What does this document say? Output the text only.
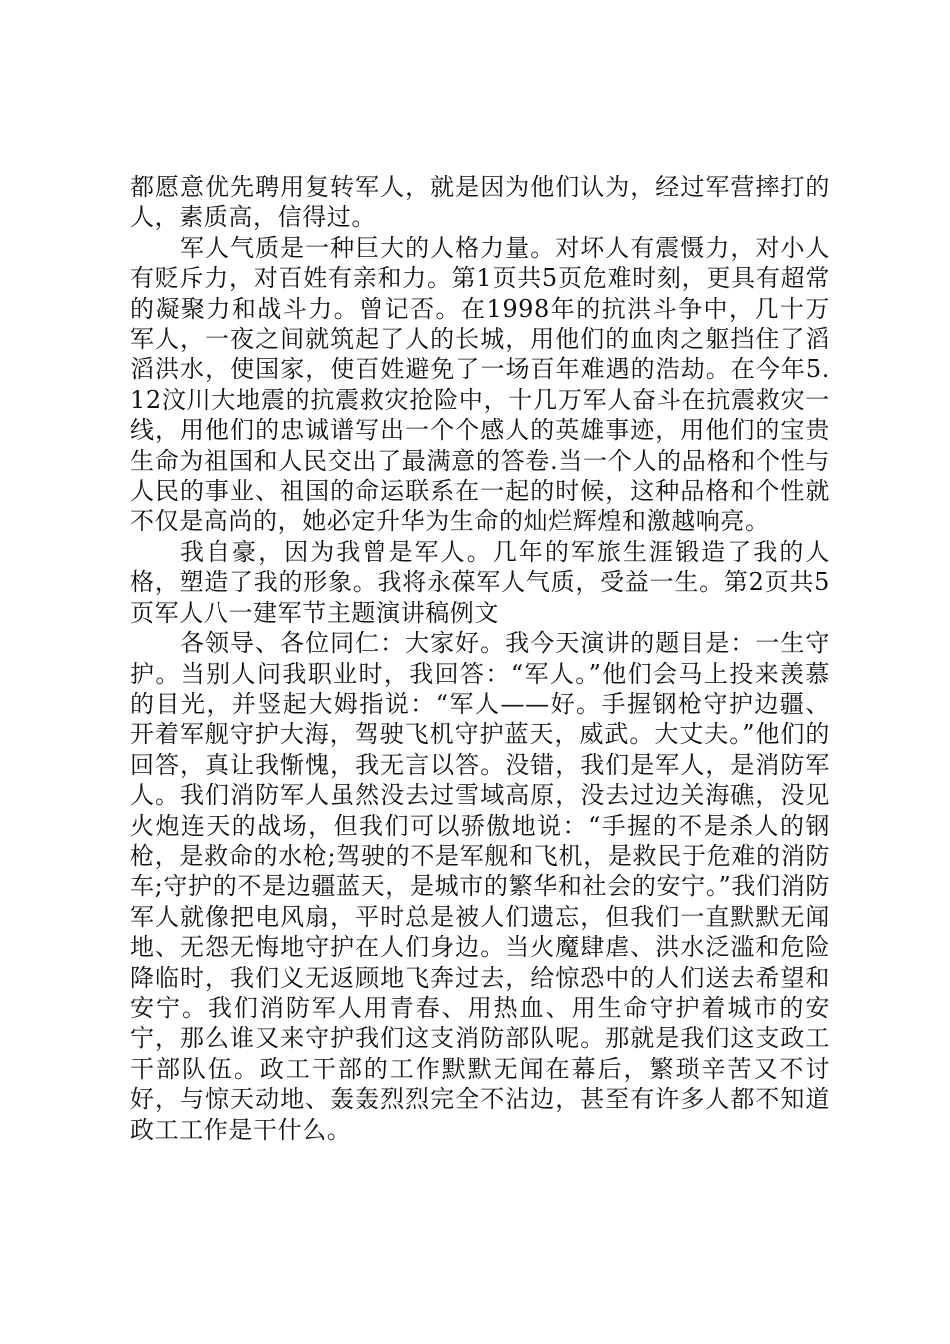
都愿意优先聘用复转军人，就是因为他们认为，经过军营摔打的人，素质高，信得过。

军人气质是一种巨大的人格力量。对坏人有震慑力，对小人有贬斥力，对百姓有亲和力。第1页共5页危难时刻，更具有超常的凝聚力和战斗力。曾记否。在1998年的抗洪斗争中，几十万军人，一夜之间就筑起了人的长城，用他们的血肉之躯挡住了滔滔洪水，使国家，使百姓避免了一场百年难遇的浩劫。在今年5.12汶川大地震的抗震救灾抢险中，十几万军人奋斗在抗震救灾一线，用他们的忠诚谱写出一个个感人的英雄事迹，用他们的宝贵生命为祖国和人民交出了最满意的答卷.当一个人的品格和个性与人民的事业、祖国的命运联系在一起的时候，这种品格和个性就不仅是高尚的，她必定升华为生命的灿烂辉煌和激越响亮。

我自豪，因为我曾是军人。几年的军旅生涯锻造了我的人格，塑造了我的形象。我将永葆军人气质，受益一生。第2页共5页军人八一建军节主题演讲稿例文

各领导、各位同仁：大家好。我今天演讲的题目是：一生守护。当别人问我职业时，我回答：“军人。”他们会马上投来羡慕的目光，并竖起大姆指说：“军人——好。手握钢枪守护边疆、开着军舰守护大海，驾驶飞机守护蓝天，威武。大丈夫。”他们的回答，真让我惭愧，我无言以答。没错，我们是军人，是消防军人。我们消防军人虽然没去过雪域高原，没去过边关海礁，没见火炮连天的战场，但我们可以骄傲地说：“手握的不是杀人的钢枪，是救命的水枪;驾驶的不是军舰和飞机，是救民于危难的消防车;守护的不是边疆蓝天，是城市的繁华和社会的安宁。”我们消防军人就像把电风扇，平时总是被人们遗忘，但我们一直默默无闻地、无怨无悔地守护在人们身边。当火魔肆虐、洪水泛滥和危险降临时，我们义无返顾地飞奔过去，给惊恐中的人们送去希望和安宁。我们消防军人用青春、用热血、用生命守护着城市的安宁，那么谁又来守护我们这支消防部队呢。那就是我们这支政工干部队伍。政工干部的工作默默无闻在幕后，繁琐辛苦又不讨好，与惊天动地、轰轰烈烈完全不沾边，甚至有许多人都不知道政工工作是干什么。
